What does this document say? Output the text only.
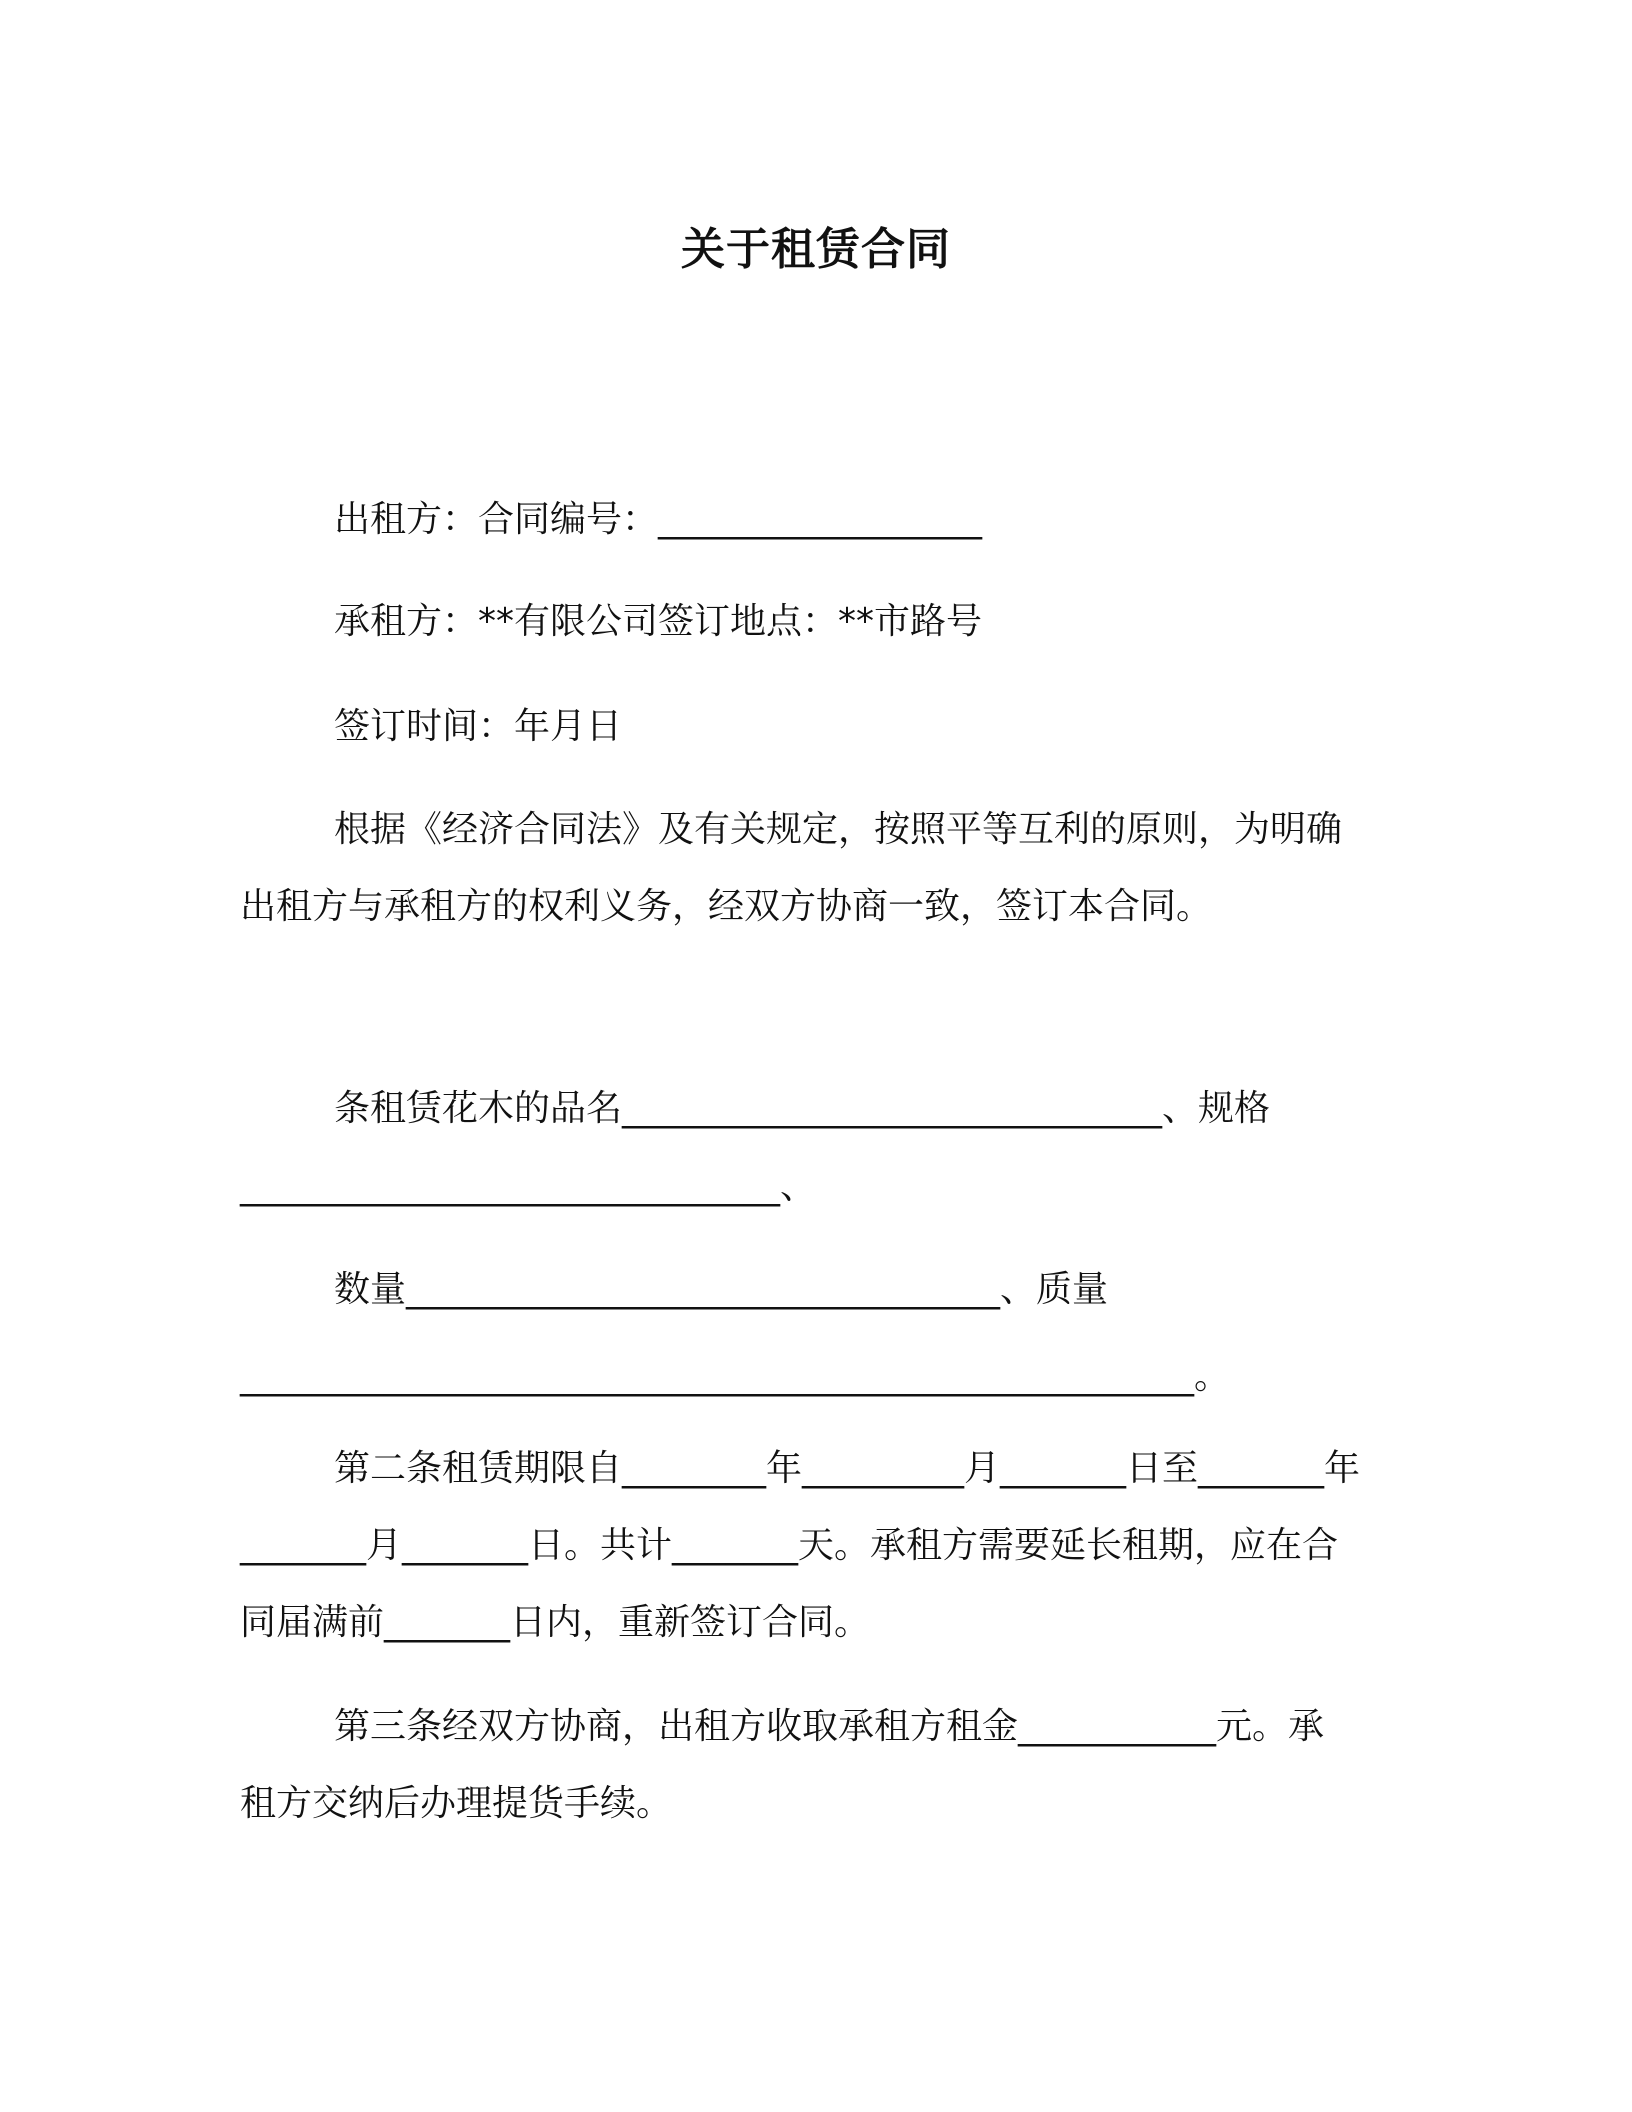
关于租赁合同
出租方：合同编号：__________________
承租方：**有限公司签订地点：**市路号
签订时间：年月日
根据《经济合同法》及有关规定，按照平等互利的原则，为明确
出租方与承租方的权利义务，经双方协商一致，签订本合同。
条租赁花木的品名______________________________、规格
______________________________、
数量_________________________________、质量
_____________________________________________________。
第二条租赁期限自________年_________月_______日至_______年
_______月_______日。共计_______天。承租方需要延长租期，应在合
同届满前_______日内，重新签订合同。
第三条经双方协商，出租方收取承租方租金___________元。承
租方交纳后办理提货手续。
